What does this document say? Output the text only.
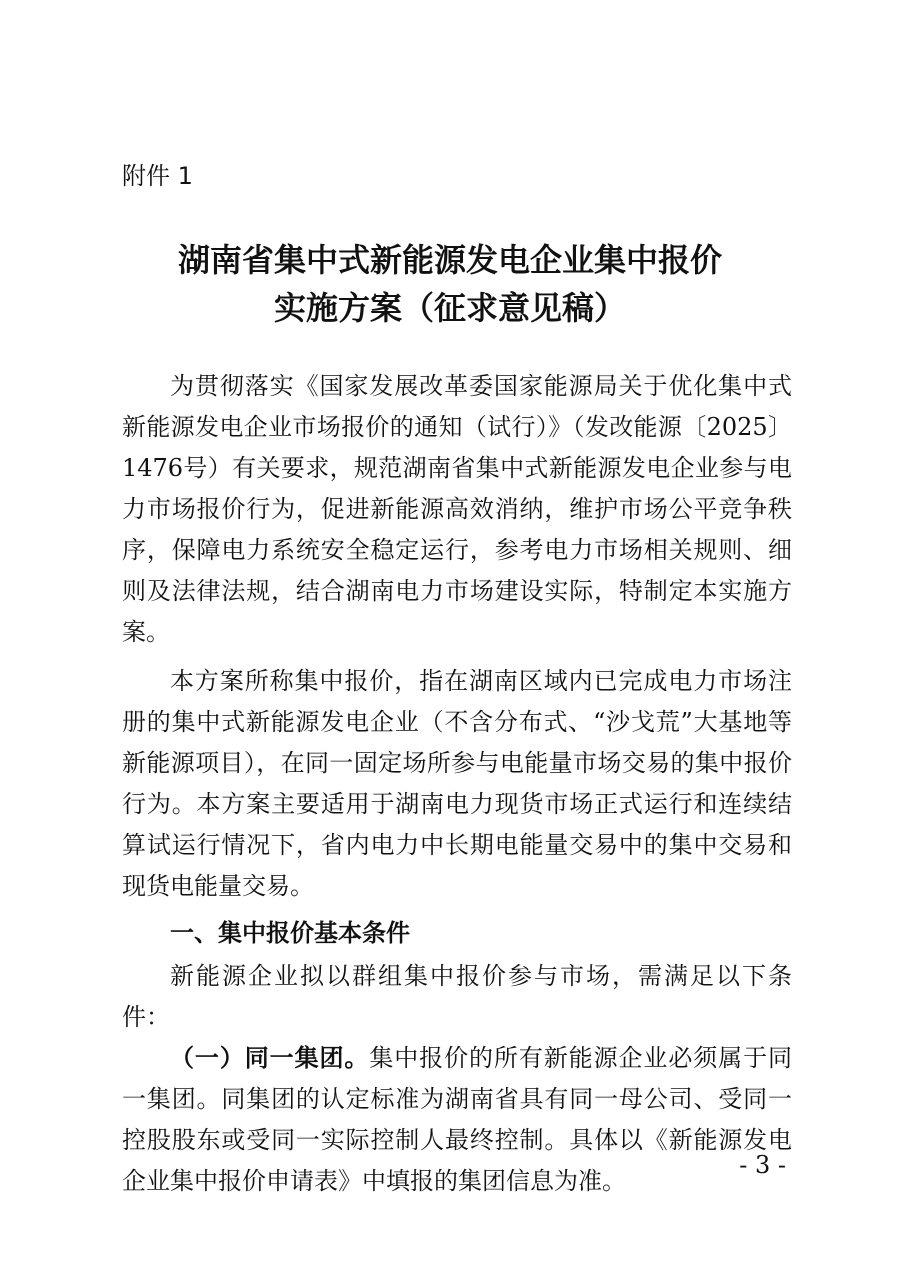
附件 1
湖南省集中式新能源发电企业集中报价
实施方案（征求意见稿）

为贯彻落实《国家发展改革委国家能源局关于优化集中式新能源发电企业市场报价的通知（试行）》（发改能源〔2025〕1476号）有关要求，规范湖南省集中式新能源发电企业参与电力市场报价行为，促进新能源高效消纳，维护市场公平竞争秩序，保障电力系统安全稳定运行，参考电力市场相关规则、细则及法律法规，结合湖南电力市场建设实际，特制定本实施方案。

本方案所称集中报价，指在湖南区域内已完成电力市场注册的集中式新能源发电企业（不含分布式、“沙戈荒”大基地等新能源项目），在同一固定场所参与电能量市场交易的集中报价行为。本方案主要适用于湖南电力现货市场正式运行和连续结算试运行情况下，省内电力中长期电能量交易中的集中交易和现货电能量交易。

一、集中报价基本条件

新能源企业拟以群组集中报价参与市场，需满足以下条件：

（一）同一集团。集中报价的所有新能源企业必须属于同一集团。同集团的认定标准为湖南省具有同一母公司、受同一控股股东或受同一实际控制人最终控制。具体以《新能源发电企业集中报价申请表》中填报的集团信息为准。

- 3 -
